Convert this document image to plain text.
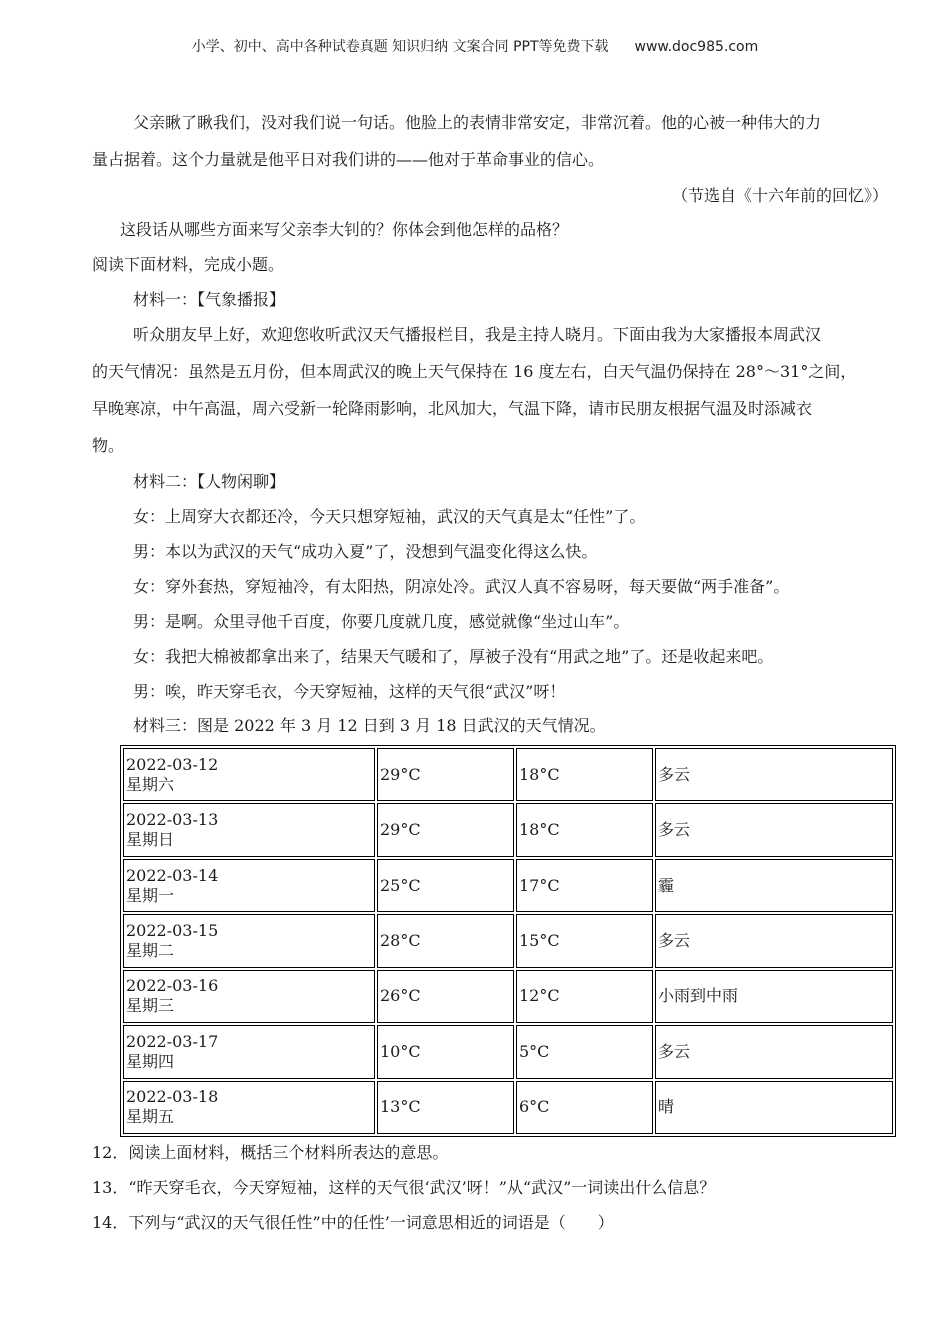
小学、初中、高中各种试卷真题 知识归纳 文案合同 PPT等免费下载 www.doc985.com
父亲瞅了瞅我们，没对我们说一句话。他脸上的表情非常安定，非常沉着。他的心被一种伟大的力
量占据着。这个力量就是他平日对我们讲的——他对于革命事业的信心。
（节选自《十六年前的回忆》）
这段话从哪些方面来写父亲李大钊的？你体会到他怎样的品格？
阅读下面材料，完成小题。
材料一：【气象播报】
听众朋友早上好，欢迎您收听武汉天气播报栏目，我是主持人晓月。下面由我为大家播报本周武汉
的天气情况：虽然是五月份，但本周武汉的晚上天气保持在 16 度左右，白天气温仍保持在 28°～31°之间，
早晚寒凉，中午高温，周六受新一轮降雨影响，北风加大，气温下降，请市民朋友根据气温及时添减衣
物。
材料二：【人物闲聊】
女：上周穿大衣都还冷，今天只想穿短袖，武汉的天气真是太“任性”了。
男：本以为武汉的天气“成功入夏”了，没想到气温变化得这么快。
女：穿外套热，穿短袖冷，有太阳热，阴凉处冷。武汉人真不容易呀，每天要做“两手准备”。
男：是啊。众里寻他千百度，你要几度就几度，感觉就像“坐过山车”。
女：我把大棉被都拿出来了，结果天气暖和了，厚被子没有“用武之地”了。还是收起来吧。
男：唉，昨天穿毛衣，今天穿短袖，这样的天气很“武汉”呀！
材料三：图是 2022 年 3 月 12 日到 3 月 18 日武汉的天气情况。
2022-03-12
星期六	29°C	18°C	多云

2022-03-13
星期日	29°C	18°C	多云

2022-03-14
星期一	25°C	17°C	霾

2022-03-15
星期二	28°C	15°C	多云

2022-03-16
星期三	26°C	12°C	小雨到中雨

2022-03-17
星期四	10°C	5°C	多云

2022-03-18
星期五	13°C	6°C	晴
12．阅读上面材料，概括三个材料所表达的意思。
13．“昨天穿毛衣，今天穿短袖，这样的天气很‘武汉’呀！”从“武汉”一词读出什么信息？
14．下列与“武汉的天气很任性”中的任性’一词意思相近的词语是（　　）
